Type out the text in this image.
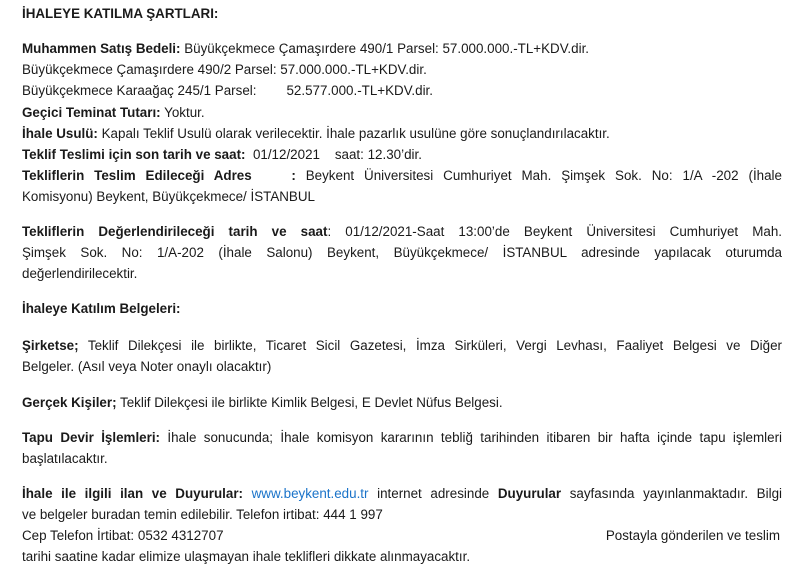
İHALEYE KATILMA ŞARTLARI:
Muhammen Satış Bedeli: Büyükçekmece Çamaşırdere 490/1 Parsel: 57.000.000.-TL+KDV.dir.
Büyükçekmece Çamaşırdere 490/2 Parsel: 57.000.000.-TL+KDV.dir.
Büyükçekmece Karaağaç 245/1 Parsel: 52.577.000.-TL+KDV.dir.
Geçici Teminat Tutarı: Yoktur.
İhale Usulü: Kapalı Teklif Usulü olarak verilecektir. İhale pazarlık usulüne göre sonuçlandırılacaktır.
Teklif Teslimi için son tarih ve saat:  01/12/2021    saat: 12.30’dir.
Tekliflerin Teslim Edileceği Adres    : Beykent Üniversitesi Cumhuriyet Mah. Şimşek Sok. No: 1/A -202 (İhale
Komisyonu) Beykent, Büyükçekmece/ İSTANBUL
Tekliflerin Değerlendirileceği tarih ve saat: 01/12/2021-Saat 13:00’de Beykent Üniversitesi Cumhuriyet Mah.
Şimşek Sok. No: 1/A-202 (İhale Salonu) Beykent, Büyükçekmece/ İSTANBUL adresinde yapılacak oturumda
değerlendirilecektir.
İhaleye Katılım Belgeleri:
Şirketse; Teklif Dilekçesi ile birlikte, Ticaret Sicil Gazetesi, İmza Sirküleri, Vergi Levhası, Faaliyet Belgesi ve Diğer
Belgeler. (Asıl veya Noter onaylı olacaktır)
Gerçek Kişiler; Teklif Dilekçesi ile birlikte Kimlik Belgesi, E Devlet Nüfus Belgesi.
Tapu Devir İşlemleri: İhale sonucunda; İhale komisyon kararının tebliğ tarihinden itibaren bir hafta içinde tapu işlemleri
başlatılacaktır.
İhale ile ilgili ilan ve Duyurular: www.beykent.edu.tr internet adresinde Duyurular sayfasında yayınlanmaktadır. Bilgi
ve belgeler buradan temin edilebilir. Telefon irtibat: 444 1 997
Cep Telefon İrtibat: 0532 4312707	Postayla gönderilen ve teslim
tarihi saatine kadar elimize ulaşmayan ihale teklifleri dikkate alınmayacaktır.
